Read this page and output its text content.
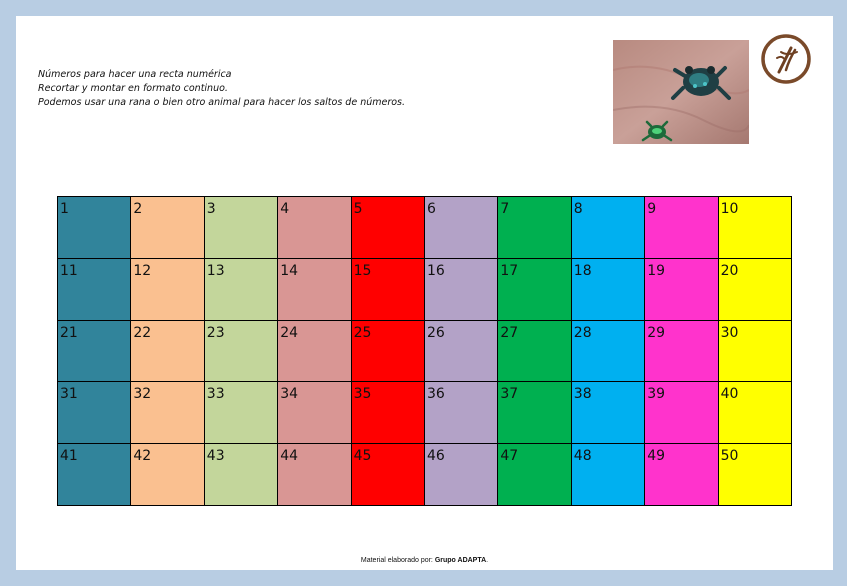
Números para hacer una recta numérica
Recortar y montar en formato continuo.
Podemos usar una rana o bien otro animal para hacer los saltos de números.
1	2	3	4	5	6	7	8	9	10
11	12	13	14	15	16	17	18	19	20
21	22	23	24	25	26	27	28	29	30
31	32	33	34	35	36	37	38	39	40
41	42	43	44	45	46	47	48	49	50
Material elaborado por: Grupo ADAPTA.
